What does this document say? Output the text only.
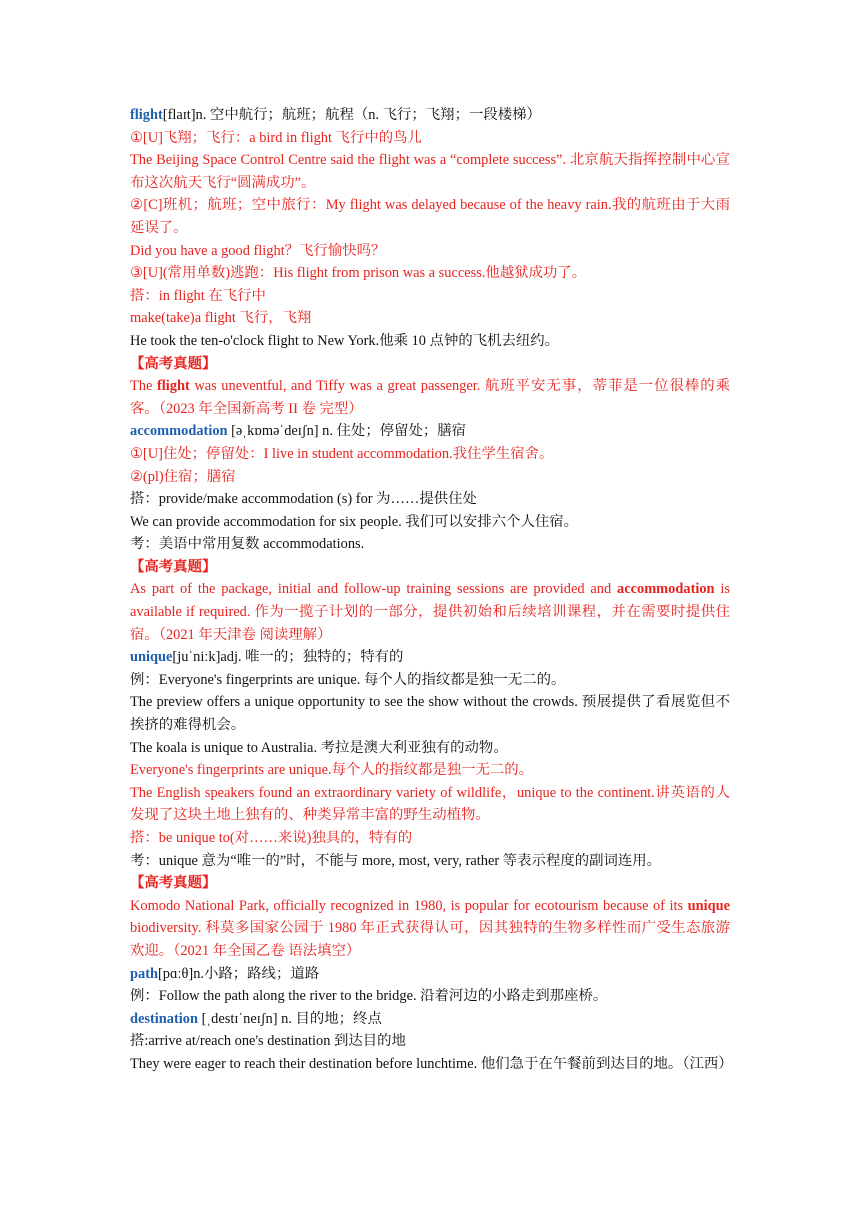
flight[flaɪt]n. 空中航行；航班；航程（n. 飞行；飞翔；一段楼梯）
①[U]飞翔；飞行：a bird in flight 飞行中的鸟儿
The Beijing Space Control Centre said the flight was a “complete success”. 北京航天指挥控制中心宣布这次航天飞行“圆满成功”。
②[C]班机；航班；空中旅行：My flight was delayed because of the heavy rain.我的航班由于大雨延误了。
Did you have a good flight？飞行愉快吗？
③[U](常用单数)逃跑：His flight from prison was a success.他越狱成功了。
搭：in flight 在飞行中
make(take)a flight 飞行，飞翔
He took the ten-o'clock flight to New York.他乘 10 点钟的飞机去纽约。
【高考真题】
The flight was uneventful, and Tiffy was a great passenger. 航班平安无事，蒂菲是一位很棒的乘客。（2023 年全国新高考 II 卷 完型）
accommodation [əˌkɒməˈdeɪʃn] n. 住处；停留处；膳宿
①[U]住处；停留处：I live in student accommodation.我住学生宿舍。
②(pl)住宿；膳宿
搭：provide/make accommodation (s) for 为……提供住处
We can provide accommodation for six people. 我们可以安排六个人住宿。
考：美语中常用复数 accommodations.
【高考真题】
As part of the package, initial and follow-up training sessions are provided and accommodation is available if required. 作为一揽子计划的一部分，提供初始和后续培训课程，并在需要时提供住宿。（2021 年天津卷 阅读理解）
unique[juˈniːk]adj. 唯一的；独特的；特有的
例：Everyone's fingerprints are unique. 每个人的指纹都是独一无二的。
The preview offers a unique opportunity to see the show without the crowds. 预展提供了看展览但不挨挤的难得机会。
The koala is unique to Australia. 考拉是澳大利亚独有的动物。
Everyone's fingerprints are unique.每个人的指纹都是独一无二的。
The English speakers found an extraordinary variety of wildlife，unique to the continent.讲英语的人发现了这块土地上独有的、种类异常丰富的野生动植物。
搭：be unique to(对……来说)独具的，特有的
考：unique 意为“唯一的”时，不能与 more, most, very, rather 等表示程度的副词连用。
【高考真题】
Komodo National Park, officially recognized in 1980, is popular for ecotourism because of its unique biodiversity. 科莫多国家公园于 1980 年正式获得认可，因其独特的生物多样性而广受生态旅游欢迎。（2021 年全国乙卷 语法填空）
path[pɑːθ]n.小路；路线；道路
例：Follow the path along the river to the bridge. 沿着河边的小路走到那座桥。
destination [ˌdestɪˈneɪʃn] n. 目的地；终点
搭:arrive at/reach one's destination 到达目的地
They were eager to reach their destination before lunchtime. 他们急于在午餐前到达目的地。（江西）
